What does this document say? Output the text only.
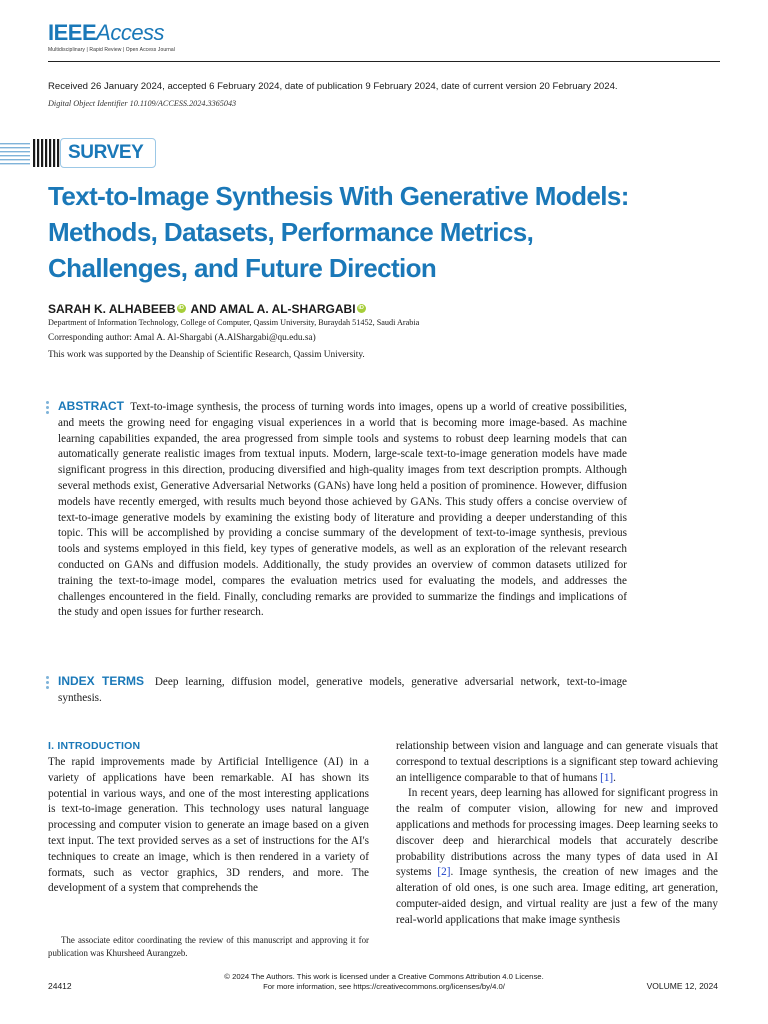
IEEEAccess
Multidisciplinary | Rapid Review | Open Access Journal
Received 26 January 2024, accepted 6 February 2024, date of publication 9 February 2024, date of current version 20 February 2024.
Digital Object Identifier 10.1109/ACCESS.2024.3365043
SURVEY
Text-to-Image Synthesis With Generative Models:
Methods, Datasets, Performance Metrics,
Challenges, and Future Direction
SARAH K. ALHABEEB iD AND AMAL A. AL-SHARGABI iD
Department of Information Technology, College of Computer, Qassim University, Buraydah 51452, Saudi Arabia
Corresponding author: Amal A. Al-Shargabi (A.AlShargabi@qu.edu.sa)
This work was supported by the Deanship of Scientific Research, Qassim University.
ABSTRACT Text-to-image synthesis, the process of turning words into images, opens up a world of creative possibilities, and meets the growing need for engaging visual experiences in a world that is becoming more image-based. As machine learning capabilities expanded, the area progressed from simple tools and systems to robust deep learning models that can automatically generate realistic images from textual inputs. Modern, large-scale text-to-image generation models have made significant progress in this direction, producing diversified and high-quality images from text description prompts. Although several methods exist, Generative Adversarial Networks (GANs) have long held a position of prominence. However, diffusion models have recently emerged, with results much beyond those achieved by GANs. This study offers a concise overview of text-to-image generative models by examining the existing body of literature and providing a deeper understanding of this topic. This will be accomplished by providing a concise summary of the development of text-to-image synthesis, previous tools and systems employed in this field, key types of generative models, as well as an exploration of the relevant research conducted on GANs and diffusion models. Additionally, the study provides an overview of common datasets utilized for training the text-to-image model, compares the evaluation metrics used for evaluating the models, and addresses the challenges encountered in the field. Finally, concluding remarks are provided to summarize the findings and implications of the study and open issues for further research.
INDEX TERMS Deep learning, diffusion model, generative models, generative adversarial network, text-to-image synthesis.
I. INTRODUCTION

The rapid improvements made by Artificial Intelligence (AI) in a variety of applications have been remarkable. AI has shown its potential in various ways, and one of the most interesting applications is text-to-image generation. This technology uses natural language processing and computer vision to generate an image based on a given text input. The text provided serves as a set of instructions for the AI's techniques to create an image, which is then rendered in a variety of formats, such as vector graphics, 3D renders, and more. The development of a system that comprehends the

relationship between vision and language and can generate visuals that correspond to textual descriptions is a significant step toward achieving an intelligence comparable to that of humans [1].

In recent years, deep learning has allowed for significant progress in the realm of computer vision, allowing for new and improved applications and methods for processing images. Deep learning seeks to discover deep and hierarchical models that accurately describe probability distributions across the many types of data used in AI systems [2]. Image synthesis, the creation of new images and the alteration of old ones, is one such area. Image editing, art generation, computer-aided design, and virtual reality are just a few of the many real-world applications that make image synthesis

The associate editor coordinating the review of this manuscript and approving it for publication was Khursheed Aurangzeb.
© 2024 The Authors. This work is licensed under a Creative Commons Attribution 4.0 License.
For more information, see https://creativecommons.org/licenses/by/4.0/
24412	VOLUME 12, 2024
